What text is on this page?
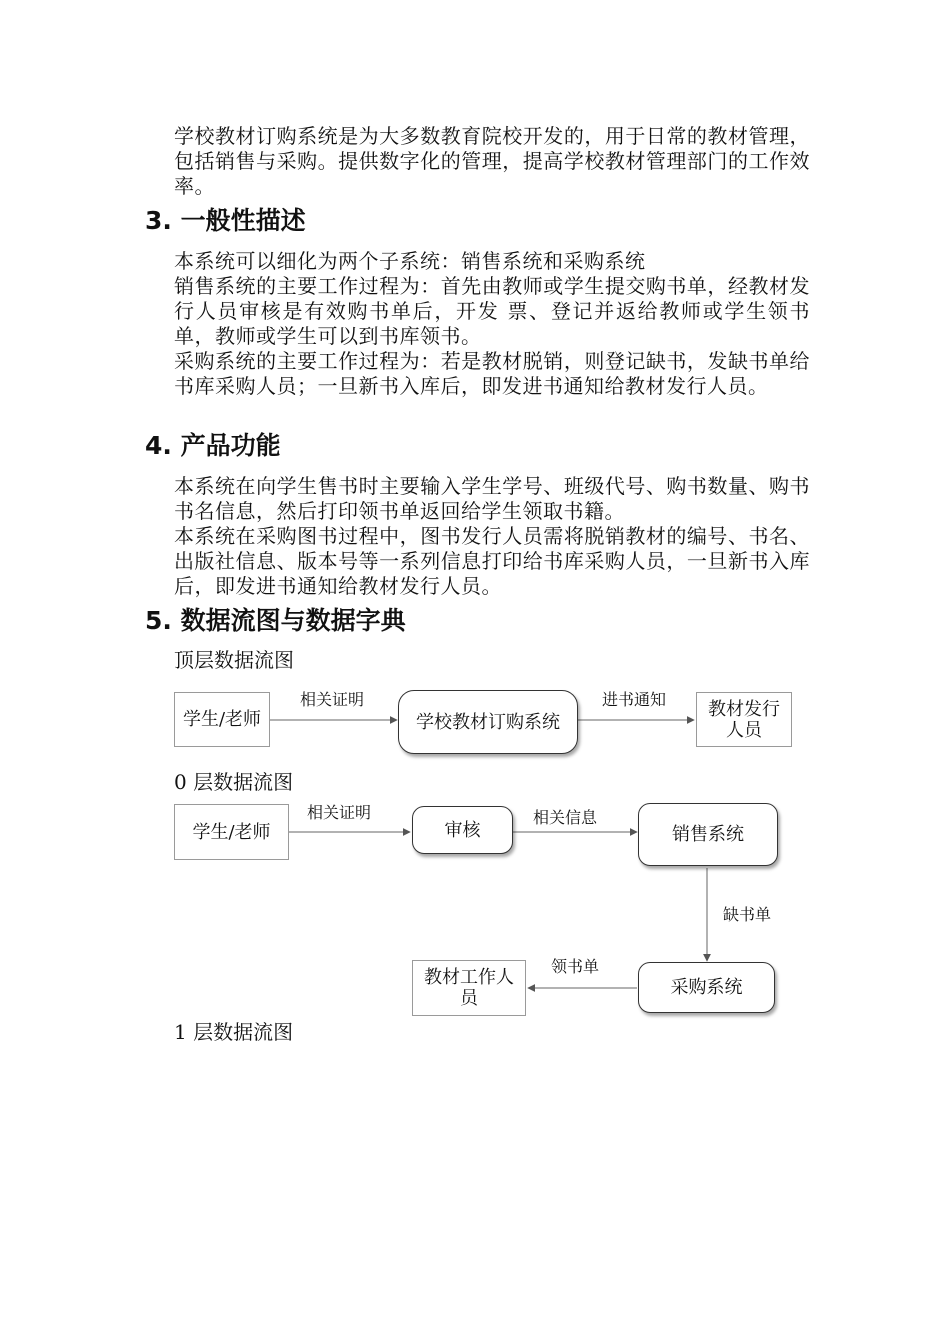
学校教材订购系统是为大多数教育院校开发的，用于日常的教材管理，包括销售与采购。提供数字化的管理，提高学校教材管理部门的工作效率。

3. 一般性描述

本系统可以细化为两个子系统：销售系统和采购系统

销售系统的主要工作过程为：首先由教师或学生提交购书单，经教材发行人员审核是有效购书单后，开发 票、登记并返给教师或学生领书单，教师或学生可以到书库领书。

采购系统的主要工作过程为：若是教材脱销，则登记缺书，发缺书单给书库采购人员；一旦新书入库后，即发进书通知给教材发行人员。

4. 产品功能

本系统在向学生售书时主要输入学生学号、班级代号、购书数量、购书书名信息，然后打印领书单返回给学生领取书籍。

本系统在采购图书过程中，图书发行人员需将脱销教材的编号、书名、出版社信息、版本号等一系列信息打印给书库采购人员，一旦新书入库后，即发进书通知给教材发行人员。

5. 数据流图与数据字典

顶层数据流图

学生/老师
相关证明
学校教材订购系统
进书通知	教材发行人员

0 层数据流图

学生/老师
相关证明
审核
相关信息
销售系统
缺书单
采购系统
领书单
教材工作人员

1 层数据流图
